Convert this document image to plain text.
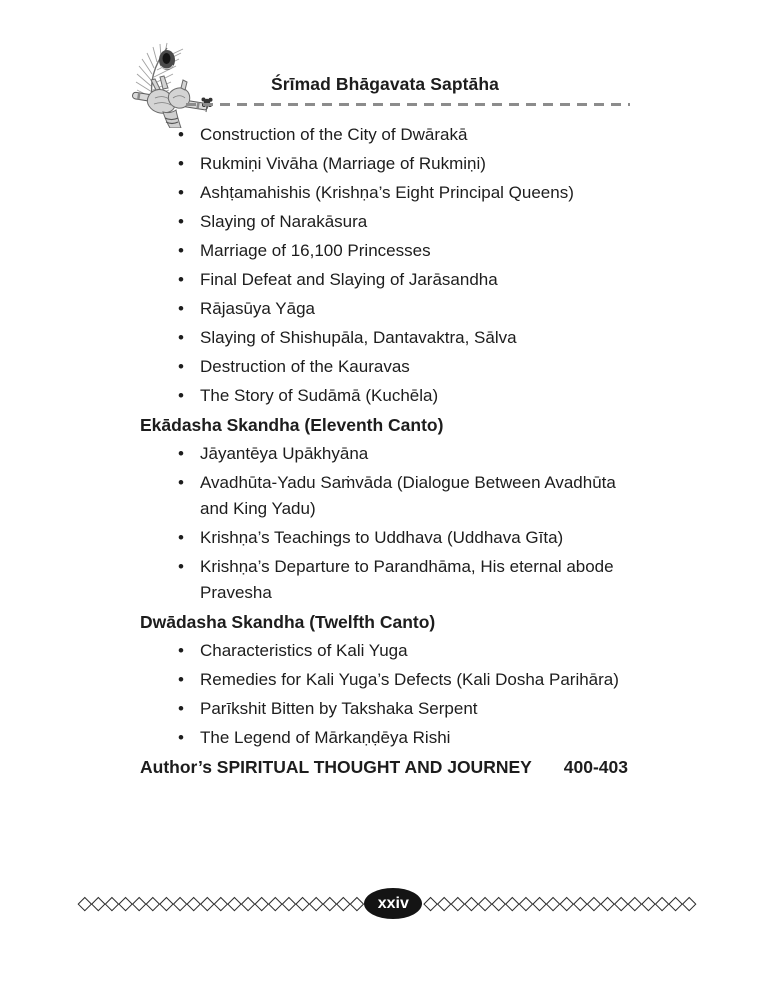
Śrīmad Bhāgavata Saptāha
• Construction of the City of Dwārakā
• Rukmiṇi Vivāha (Marriage of Rukmiṇi)
• Ashṭamahishis (Krishṇa’s Eight Principal Queens)
• Slaying of Narakāsura
• Marriage of 16,100 Princesses
• Final Defeat and Slaying of Jarāsandha
• Rājasūya Yāga
• Slaying of Shishupāla, Dantavaktra, Sālva
• Destruction of the Kauravas
• The Story of Sudāmā (Kuchēla)
Ekādasha Skandha (Eleventh Canto)
• Jāyantēya Upākhyāna
• Avadhūta-Yadu Saṁvāda (Dialogue Between Avadhūta and King Yadu)
• Krishṇa’s Teachings to Uddhava (Uddhava Gīta)
• Krishṇa’s Departure to Parandhāma, His eternal abode Pravesha
Dwādasha Skandha (Twelfth Canto)
• Characteristics of Kali Yuga
• Remedies for Kali Yuga’s Defects (Kali Dosha Parihāra)
• Parīkshit Bitten by Takshaka Serpent
• The Legend of Mārkaṇḍēya Rishi
Author’s SPIRITUAL THOUGHT AND JOURNEY 400-403
◇◇◇◇◇◇◇◇◇◇◇◇◇◇◇◇◇◇◇◇◇ xxiv ◇◇◇◇◇◇◇◇◇◇◇◇◇◇◇◇◇◇◇◇
